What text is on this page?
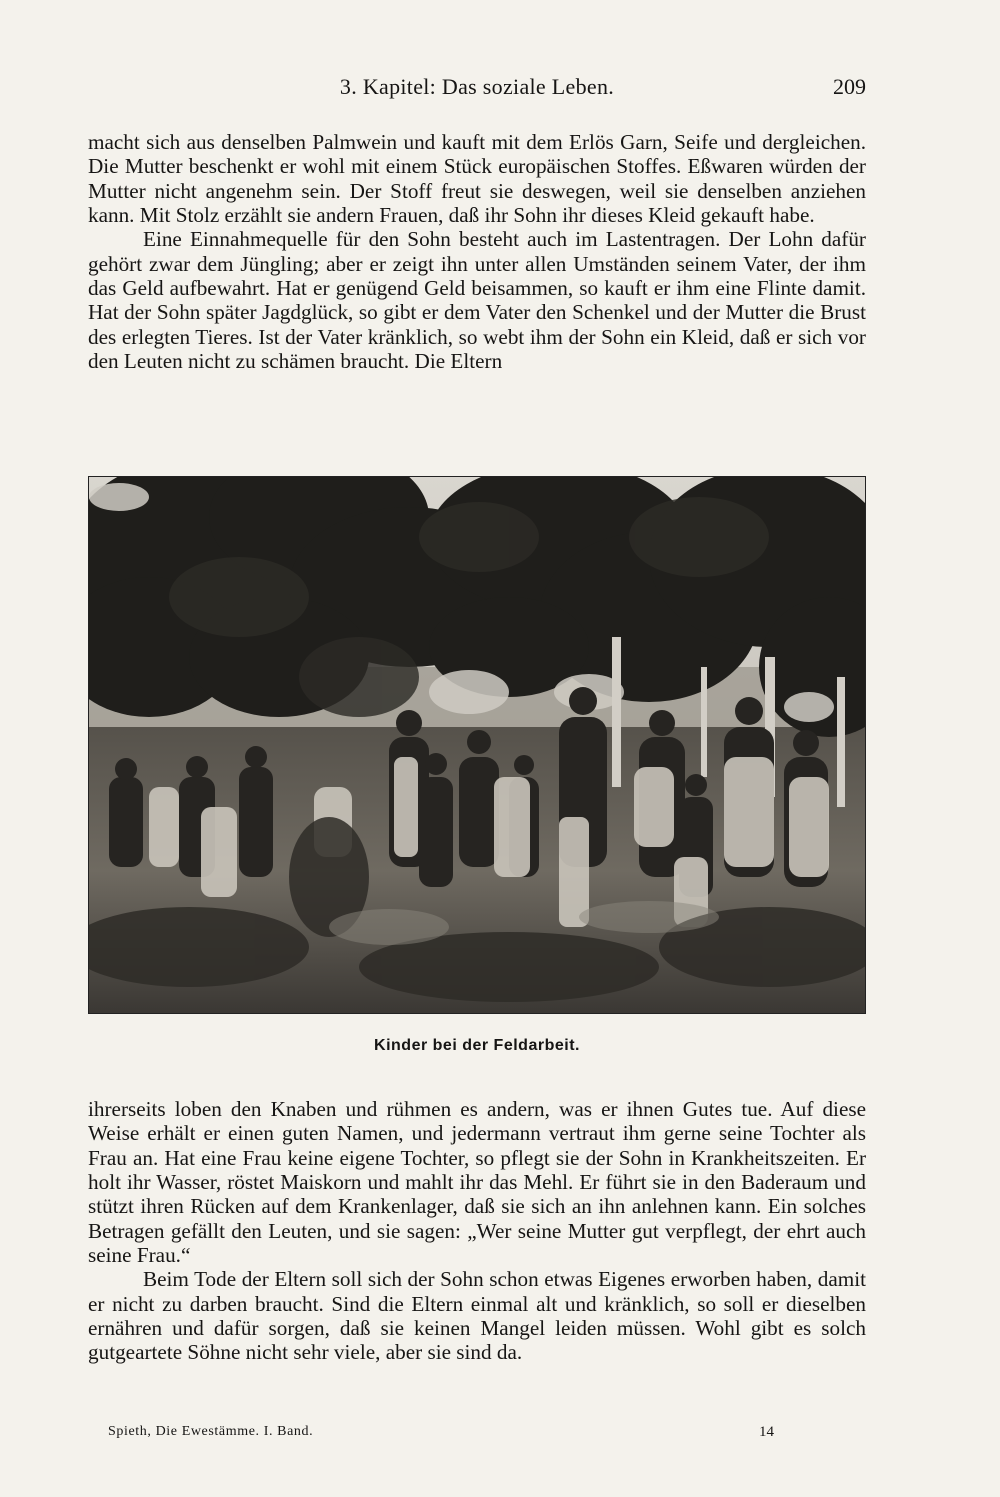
3. Kapitel: Das soziale Leben.	209

macht sich aus denselben Palmwein und kauft mit dem Erlös Garn, Seife und dergleichen. Die Mutter beschenkt er wohl mit einem Stück europäischen Stoffes. Eßwaren würden der Mutter nicht angenehm sein. Der Stoff freut sie deswegen, weil sie denselben anziehen kann. Mit Stolz erzählt sie andern Frauen, daß ihr Sohn ihr dieses Kleid gekauft habe.

Eine Einnahmequelle für den Sohn besteht auch im Lastentragen. Der Lohn dafür gehört zwar dem Jüngling; aber er zeigt ihn unter allen Umständen seinem Vater, der ihm das Geld aufbewahrt. Hat er genügend Geld beisammen, so kauft er ihm eine Flinte damit. Hat der Sohn später Jagdglück, so gibt er dem Vater den Schenkel und der Mutter die Brust des erlegten Tieres. Ist der Vater kränklich, so webt ihm der Sohn ein Kleid, daß er sich vor den Leuten nicht zu schämen braucht. Die Eltern

Kinder bei der Feldarbeit.

ihrerseits loben den Knaben und rühmen es andern, was er ihnen Gutes tue. Auf diese Weise erhält er einen guten Namen, und jedermann vertraut ihm gerne seine Tochter als Frau an. Hat eine Frau keine eigene Tochter, so pflegt sie der Sohn in Krankheitszeiten. Er holt ihr Wasser, röstet Maiskorn und mahlt ihr das Mehl. Er führt sie in den Baderaum und stützt ihren Rücken auf dem Krankenlager, daß sie sich an ihn anlehnen kann. Ein solches Betragen gefällt den Leuten, und sie sagen: „Wer seine Mutter gut verpflegt, der ehrt auch seine Frau.“

Beim Tode der Eltern soll sich der Sohn schon etwas Eigenes erworben haben, damit er nicht zu darben braucht. Sind die Eltern einmal alt und kränklich, so soll er dieselben ernähren und dafür sorgen, daß sie keinen Mangel leiden müssen. Wohl gibt es solch gutgeartete Söhne nicht sehr viele, aber sie sind da.

Spieth, Die Ewestämme. I. Band.	14
